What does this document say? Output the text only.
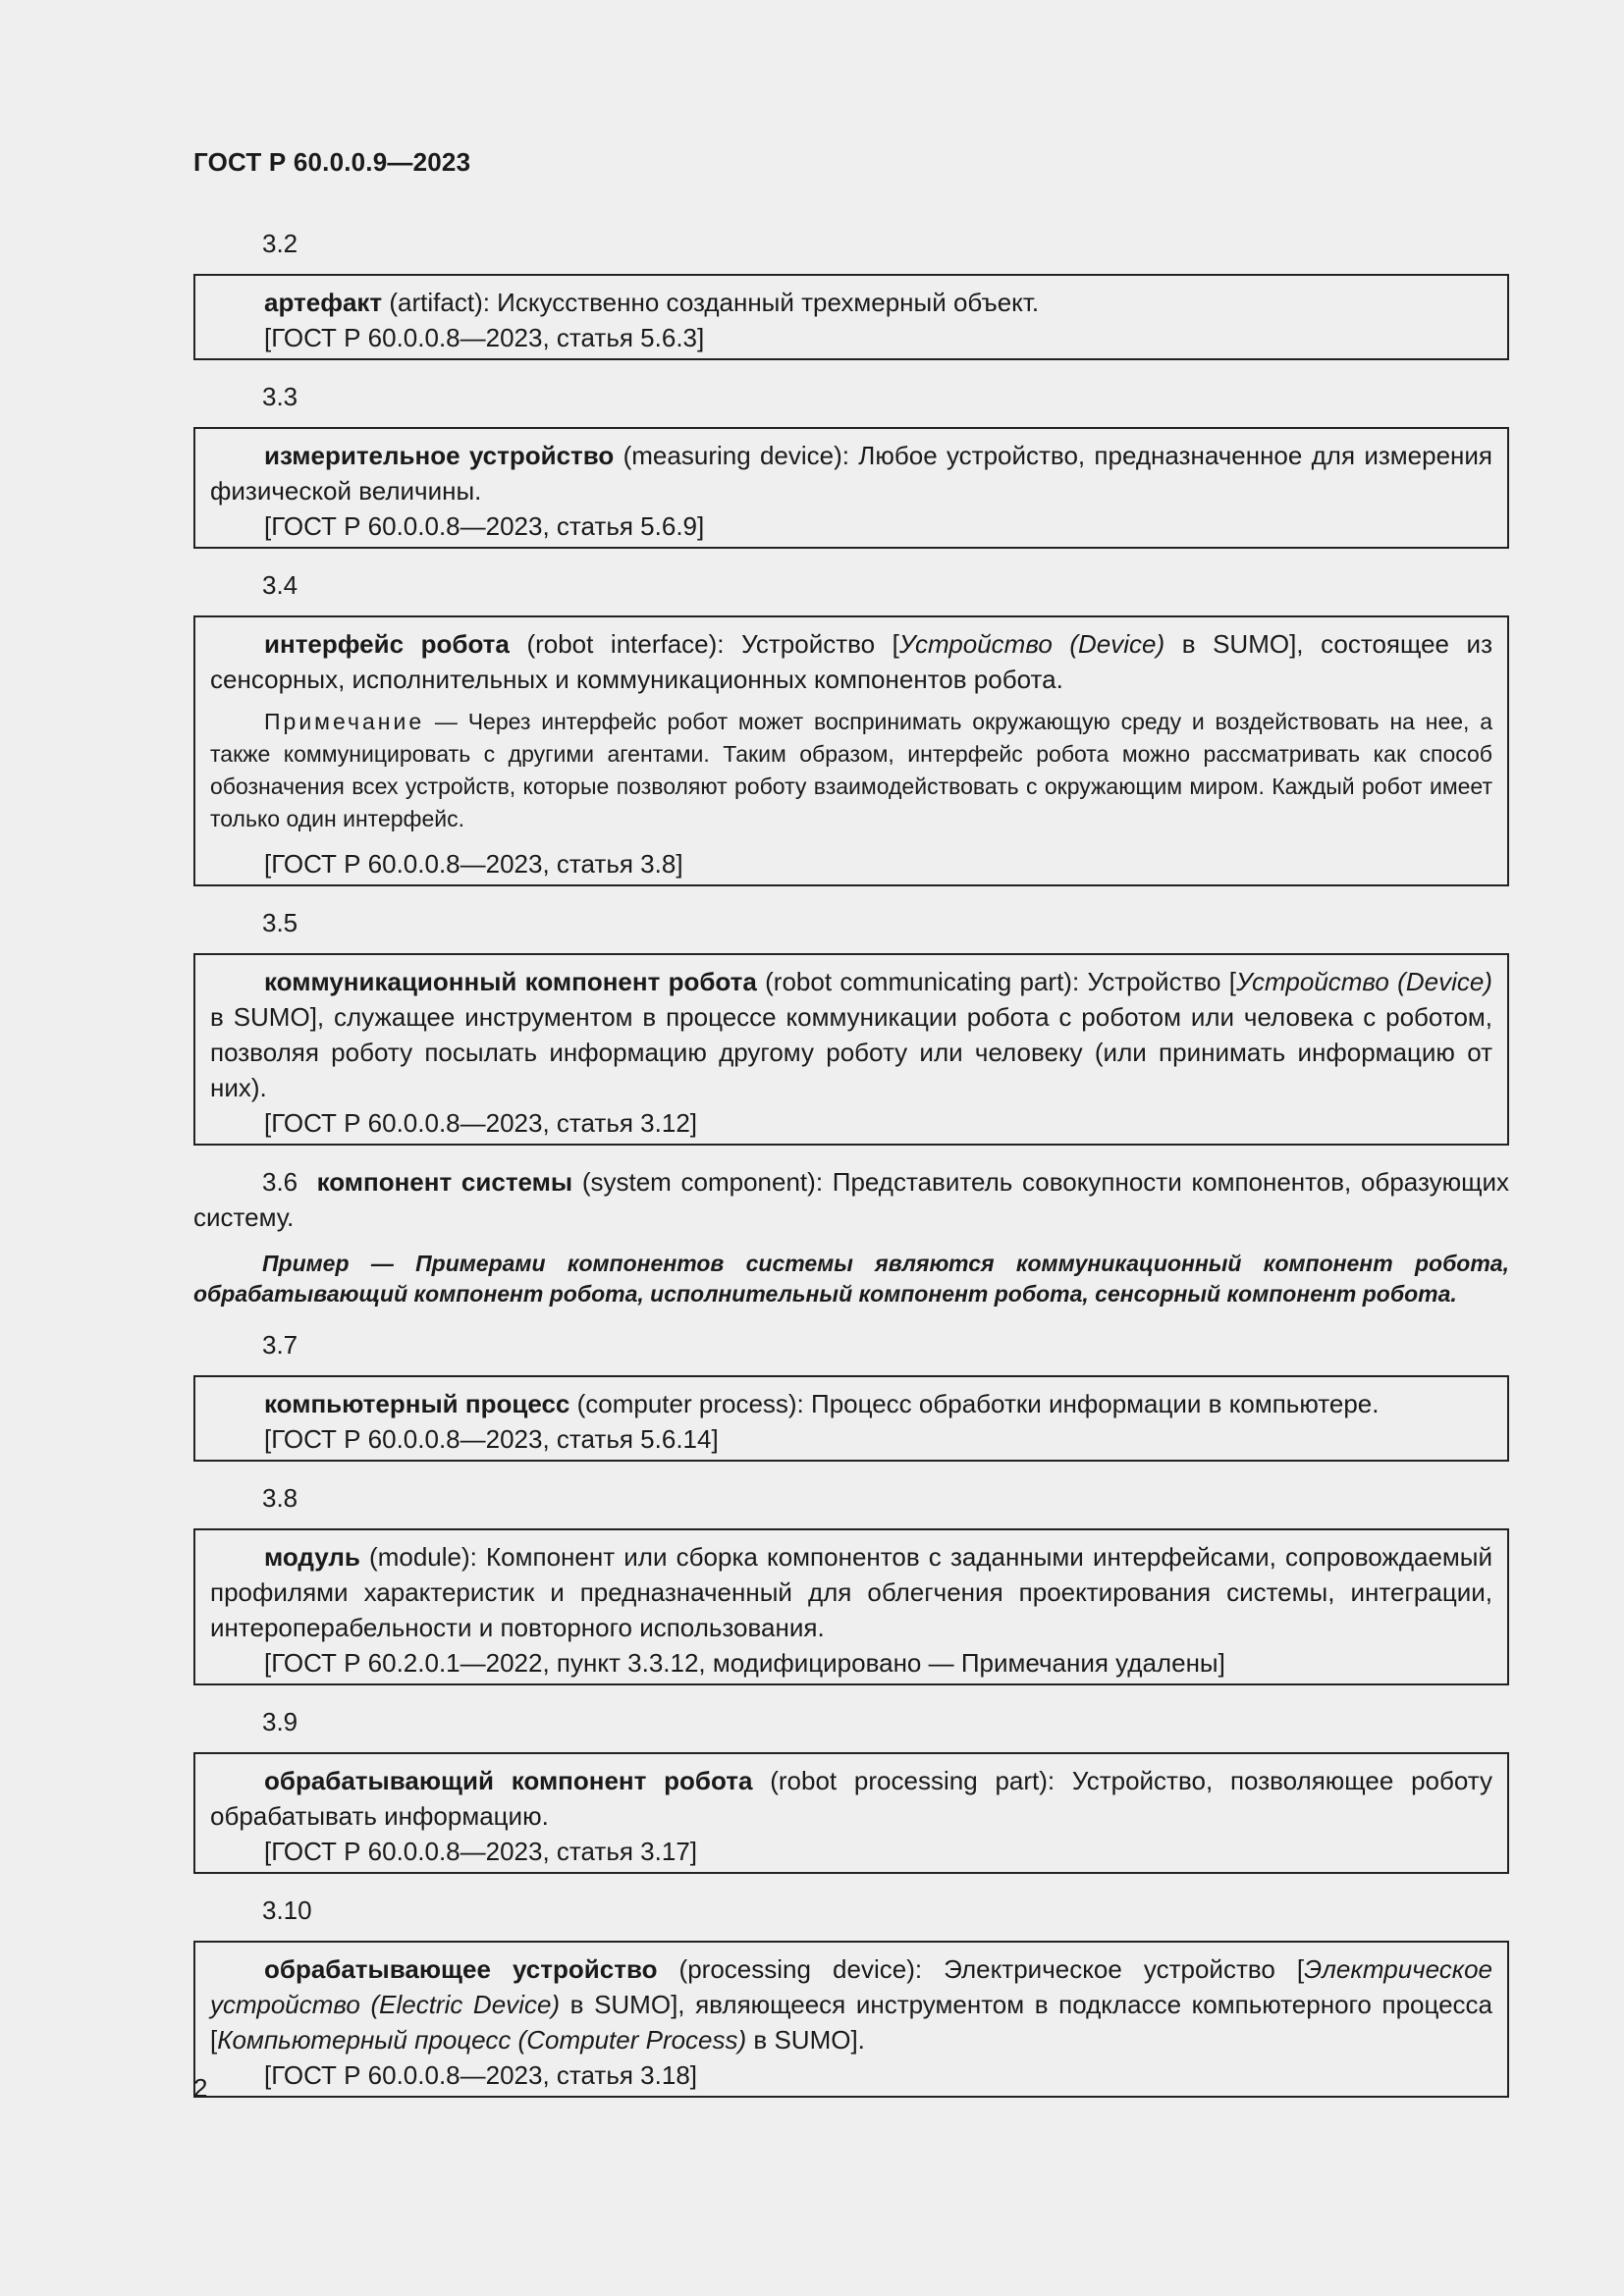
ГОСТ Р 60.0.0.9—2023
3.2

артефакт (artifact): Искусственно созданный трехмерный объект.

[ГОСТ Р 60.0.0.8—2023, статья 5.6.3]

3.3

измерительное устройство (measuring device): Любое устройство, предназначенное для измерения физической величины.

[ГОСТ Р 60.0.0.8—2023, статья 5.6.9]

3.4

интерфейс робота (robot interface): Устройство [Устройство (Device) в SUMO], состоящее из сенсорных, исполнительных и коммуникационных компонентов робота.

Примечание — Через интерфейс робот может воспринимать окружающую среду и воздействовать на нее, а также коммуницировать с другими агентами. Таким образом, интерфейс робота можно рассматривать как способ обозначения всех устройств, которые позволяют роботу взаимодействовать с окружающим миром. Каждый робот имеет только один интерфейс.

[ГОСТ Р 60.0.0.8—2023, статья 3.8]

3.5

коммуникационный компонент робота (robot communicating part): Устройство [Устройство (Device) в SUMO], служащее инструментом в процессе коммуникации робота с роботом или человека с роботом, позволяя роботу посылать информацию другому роботу или человеку (или принимать информацию от них).

[ГОСТ Р 60.0.0.8—2023, статья 3.12]

3.6 компонент системы (system component): Представитель совокупности компонентов, образующих систему.

Пример — Примерами компонентов системы являются коммуникационный компонент робота, обрабатывающий компонент робота, исполнительный компонент робота, сенсорный компонент робота.

3.7

компьютерный процесс (computer process): Процесс обработки информации в компьютере.

[ГОСТ Р 60.0.0.8—2023, статья 5.6.14]

3.8

модуль (module): Компонент или сборка компонентов с заданными интерфейсами, сопровождаемый профилями характеристик и предназначенный для облегчения проектирования системы, интеграции, интероперабельности и повторного использования.

[ГОСТ Р 60.2.0.1—2022, пункт 3.3.12, модифицировано — Примечания удалены]

3.9

обрабатывающий компонент робота (robot processing part): Устройство, позволяющее роботу обрабатывать информацию.

[ГОСТ Р 60.0.0.8—2023, статья 3.17]

3.10

обрабатывающее устройство (processing device): Электрическое устройство [Электрическое устройство (Electric Device) в SUMO], являющееся инструментом в подклассе компьютерного процесса [Компьютерный процесс (Computer Process) в SUMO].

[ГОСТ Р 60.0.0.8—2023, статья 3.18]

2
